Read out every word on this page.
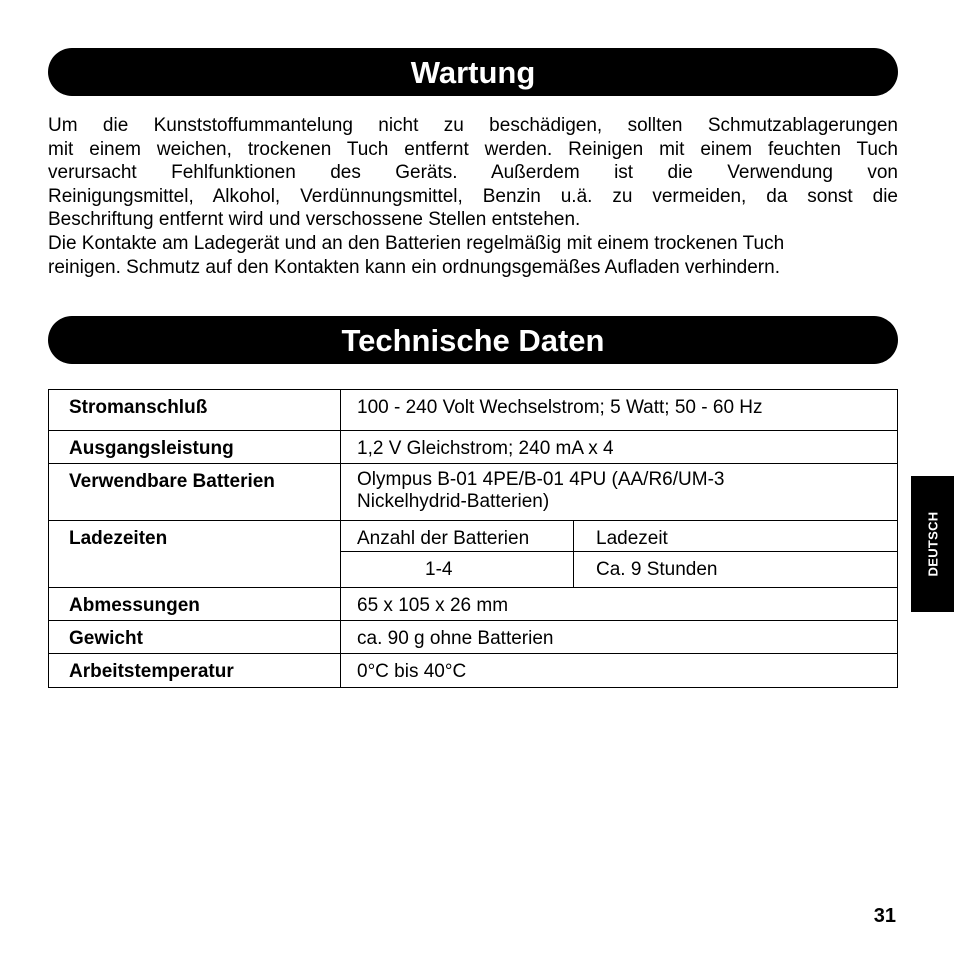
Wartung
Um die Kunststoffummantelung nicht zu beschädigen, sollten Schmutzablagerungen
mit einem weichen, trockenen Tuch entfernt werden. Reinigen mit einem feuchten Tuch
verursacht Fehlfunktionen des Geräts. Außerdem ist die Verwendung von
Reinigungsmittel, Alkohol, Verdünnungsmittel, Benzin u.ä. zu vermeiden, da sonst die
Beschriftung entfernt wird und verschossene Stellen entstehen.
Die Kontakte am Ladegerät und an den Batterien regelmäßig mit einem trockenen Tuch
reinigen. Schmutz auf den Kontakten kann ein ordnungsgemäßes Aufladen verhindern.
Technische Daten
Stromanschluß	100 - 240 Volt Wechselstrom; 5 Watt; 50 - 60 Hz	
Ausgangsleistung	1,2 V Gleichstrom; 240 mA x 4	
Verwendbare Batterien	Olympus B-01 4PE/B-01 4PU (AA/R6/UM-3
Nickelhydrid-Batterien)	

Ladezeiten	Anzahl der Batterien	Ladezeit
	1-4	Ca. 9 Stunden
Abmessungen	65 x 105 x 26 mm	
Gewicht	ca. 90 g ohne Batterien	
Arbeitstemperatur	0°C bis 40°C	
DEUTSCH
31
